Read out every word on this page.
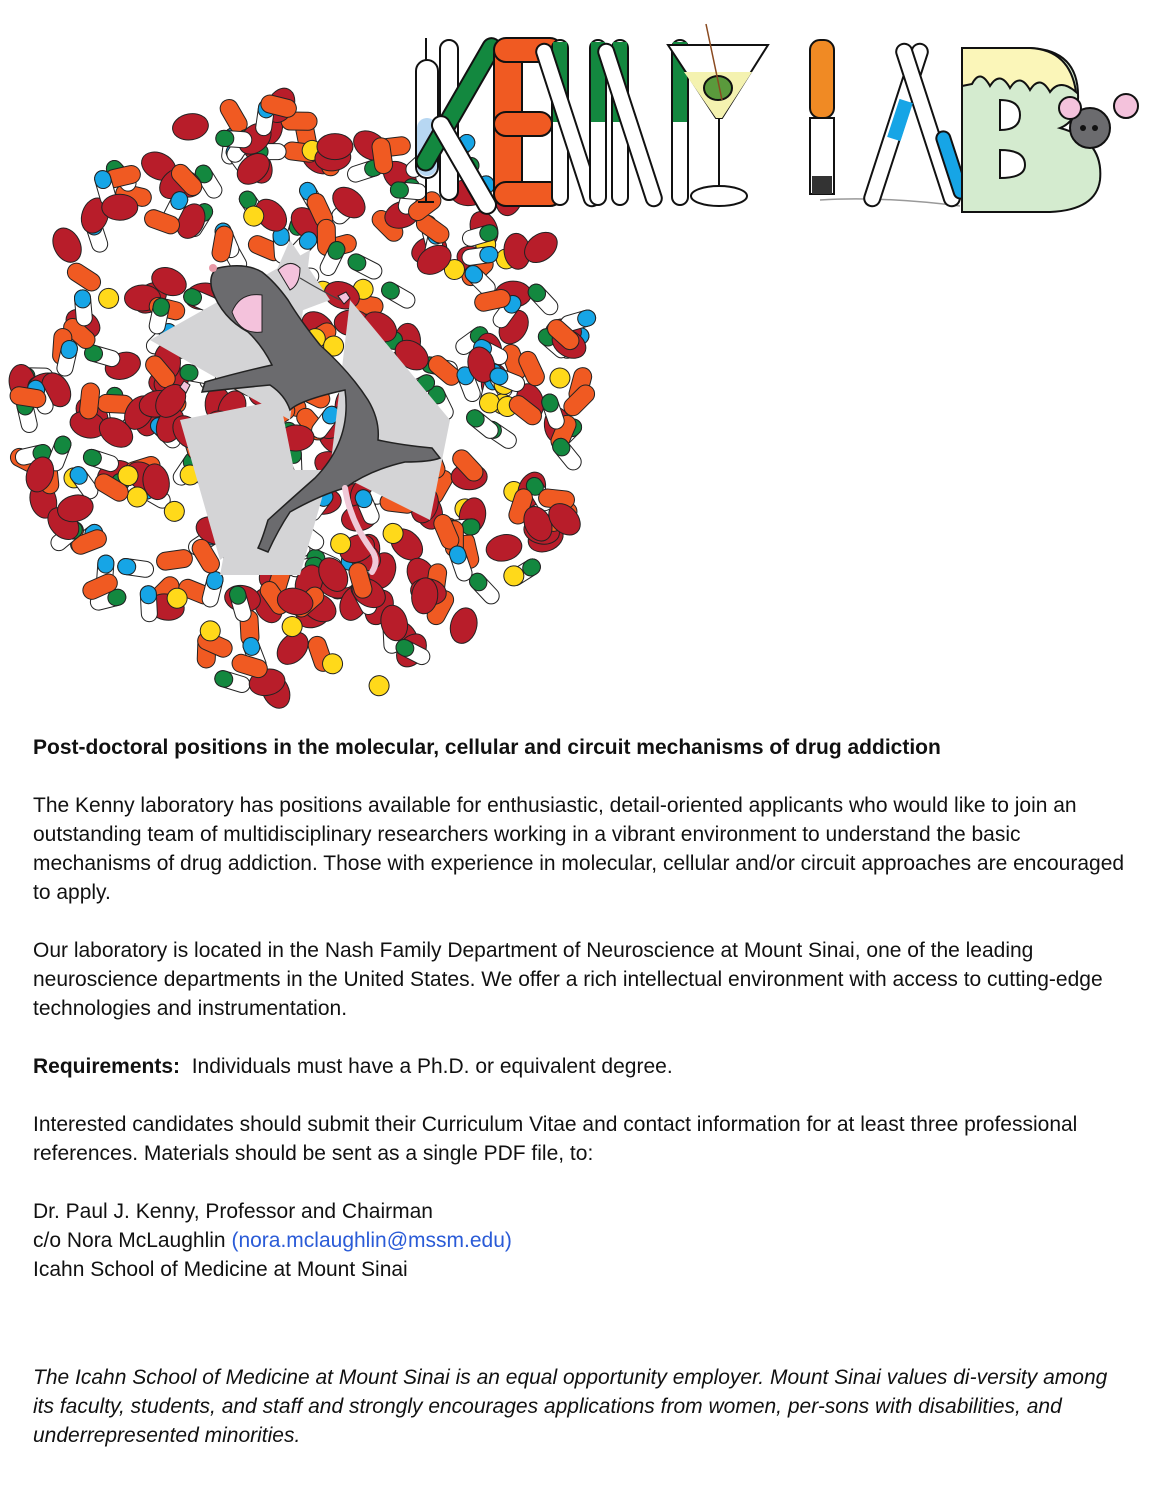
Post-doctoral positions in the molecular, cellular and circuit mechanisms of drug addiction

The Kenny laboratory has positions available for enthusiastic, detail-oriented applicants who would like to join an outstanding team of multidisciplinary researchers working in a vibrant environment to understand the basic mechanisms of drug addiction. Those with experience in molecular, cellular and/or circuit approaches are encouraged to apply.

Our laboratory is located in the Nash Family Department of Neuroscience at Mount Sinai, one of the leading neuroscience departments in the United States. We offer a rich intellectual environment with access to cutting-edge technologies and instrumentation.

Requirements: Individuals must have a Ph.D. or equivalent degree.

Interested candidates should submit their Curriculum Vitae and contact information for at least three professional references. Materials should be sent as a single PDF file, to:

Dr. Paul J. Kenny, Professor and Chairman

c/o Nora McLaughlin (nora.mclaughlin@mssm.edu)

Icahn School of Medicine at Mount Sinai

The Icahn School of Medicine at Mount Sinai is an equal opportunity employer. Mount Sinai values di-versity among its faculty, students, and staff and strongly encourages applications from women, per-sons with disabilities, and underrepresented minorities.
